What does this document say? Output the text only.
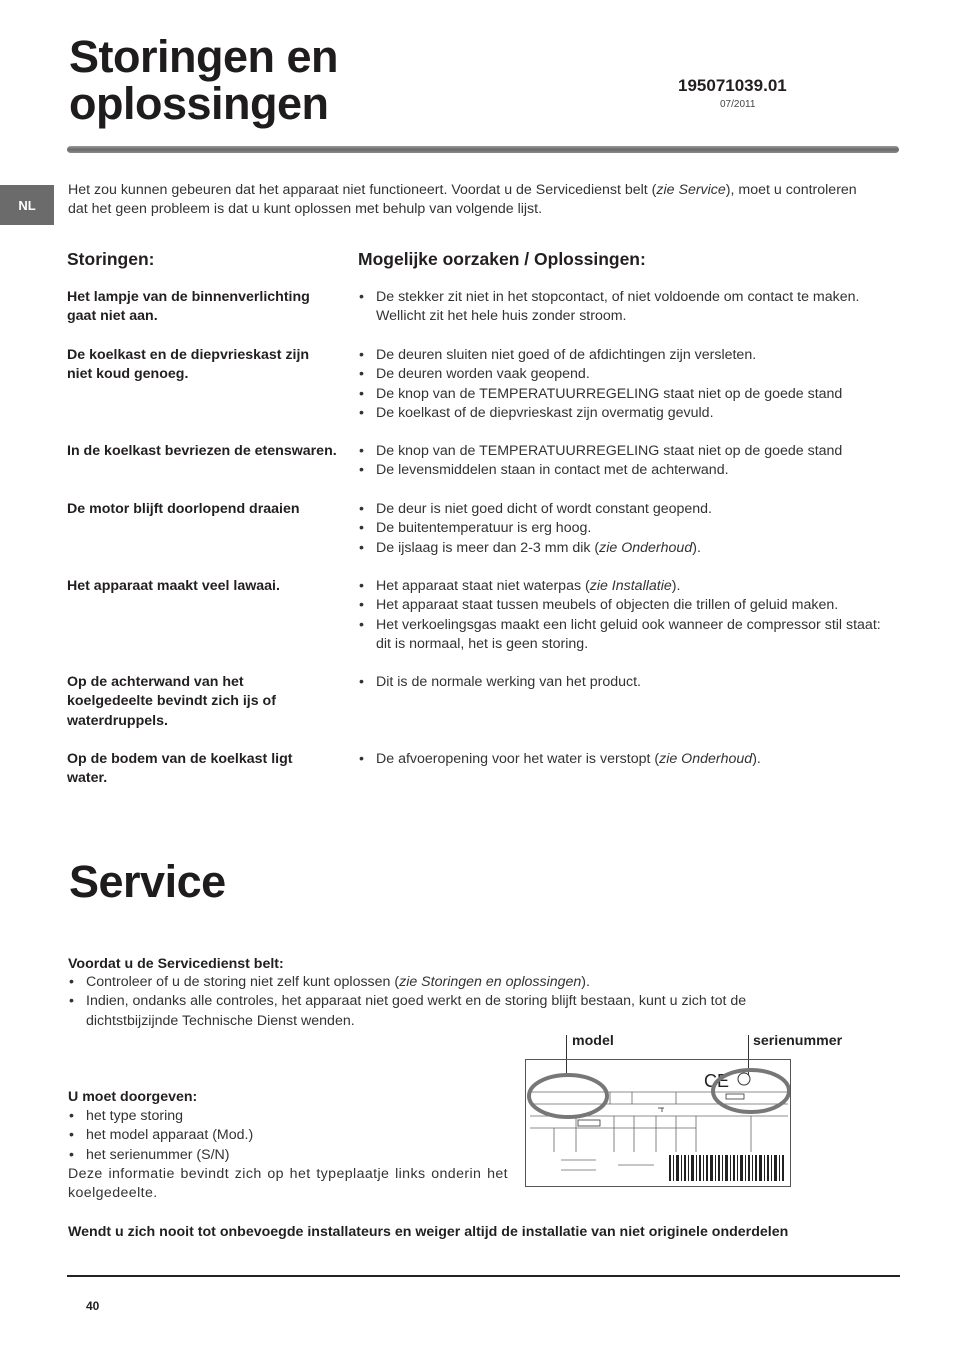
Storingen en
oplossingen	195071039.01
07/2011
NL
Het zou kunnen gebeuren dat het apparaat niet functioneert. Voordat u de Servicedienst belt (zie Service), moet u controleren dat het geen probleem is dat u kunt oplossen met behulp van volgende lijst.
Storingen:	Mogelijke oorzaken / Oplossingen:
Het lampje van de binnenverlichting gaat niet aan.
• De stekker zit niet in het stopcontact, of niet voldoende om contact te maken. Wellicht zit het hele huis zonder stroom.
De koelkast en de diepvrieskast zijn niet koud genoeg.
• De deuren sluiten niet goed of de afdichtingen zijn versleten.
• De deuren worden vaak geopend.
• De knop van de TEMPERATUURREGELING staat niet op de goede stand
• De koelkast of de diepvrieskast zijn overmatig gevuld.
In de koelkast bevriezen de etenswaren.	• De knop van de TEMPERATUURREGELING staat niet op de goede stand
• De levensmiddelen staan in contact met de achterwand.
De motor blijft doorlopend draaien	• De deur is niet goed dicht of wordt constant geopend.
• De buitentemperatuur is erg hoog.
• De ijslaag is meer dan 2-3 mm dik (zie Onderhoud).
Het apparaat maakt veel lawaai.	• Het apparaat staat niet waterpas (zie Installatie).
• Het apparaat staat tussen meubels of objecten die trillen of geluid maken.
• Het verkoelingsgas maakt een licht geluid ook wanneer de compressor stil staat: dit is normaal, het is geen storing.
Op de achterwand van het koelgedeelte bevindt zich ijs of waterdruppels.
• Dit is de normale werking van het product.
Op de bodem van de koelkast ligt water.
• De afvoeropening voor het water is verstopt (zie Onderhoud).
Service
Voordat u de Servicedienst belt:
• Controleer of u de storing niet zelf kunt oplossen (zie Storingen en oplossingen).
• Indien, ondanks alle controles, het apparaat niet goed werkt en de storing blijft bestaan, kunt u zich tot de dichtstbijzijnde Technische Dienst wenden.
U moet doorgeven:
• het type storing
• het model apparaat (Mod.)
• het serienummer (S/N)
Deze informatie bevindt zich op het typeplaatje links onderin het koelgedeelte.
model	serienummer
CE
Wendt u zich nooit tot onbevoegde installateurs en weiger altijd de installatie van niet originele onderdelen
40
